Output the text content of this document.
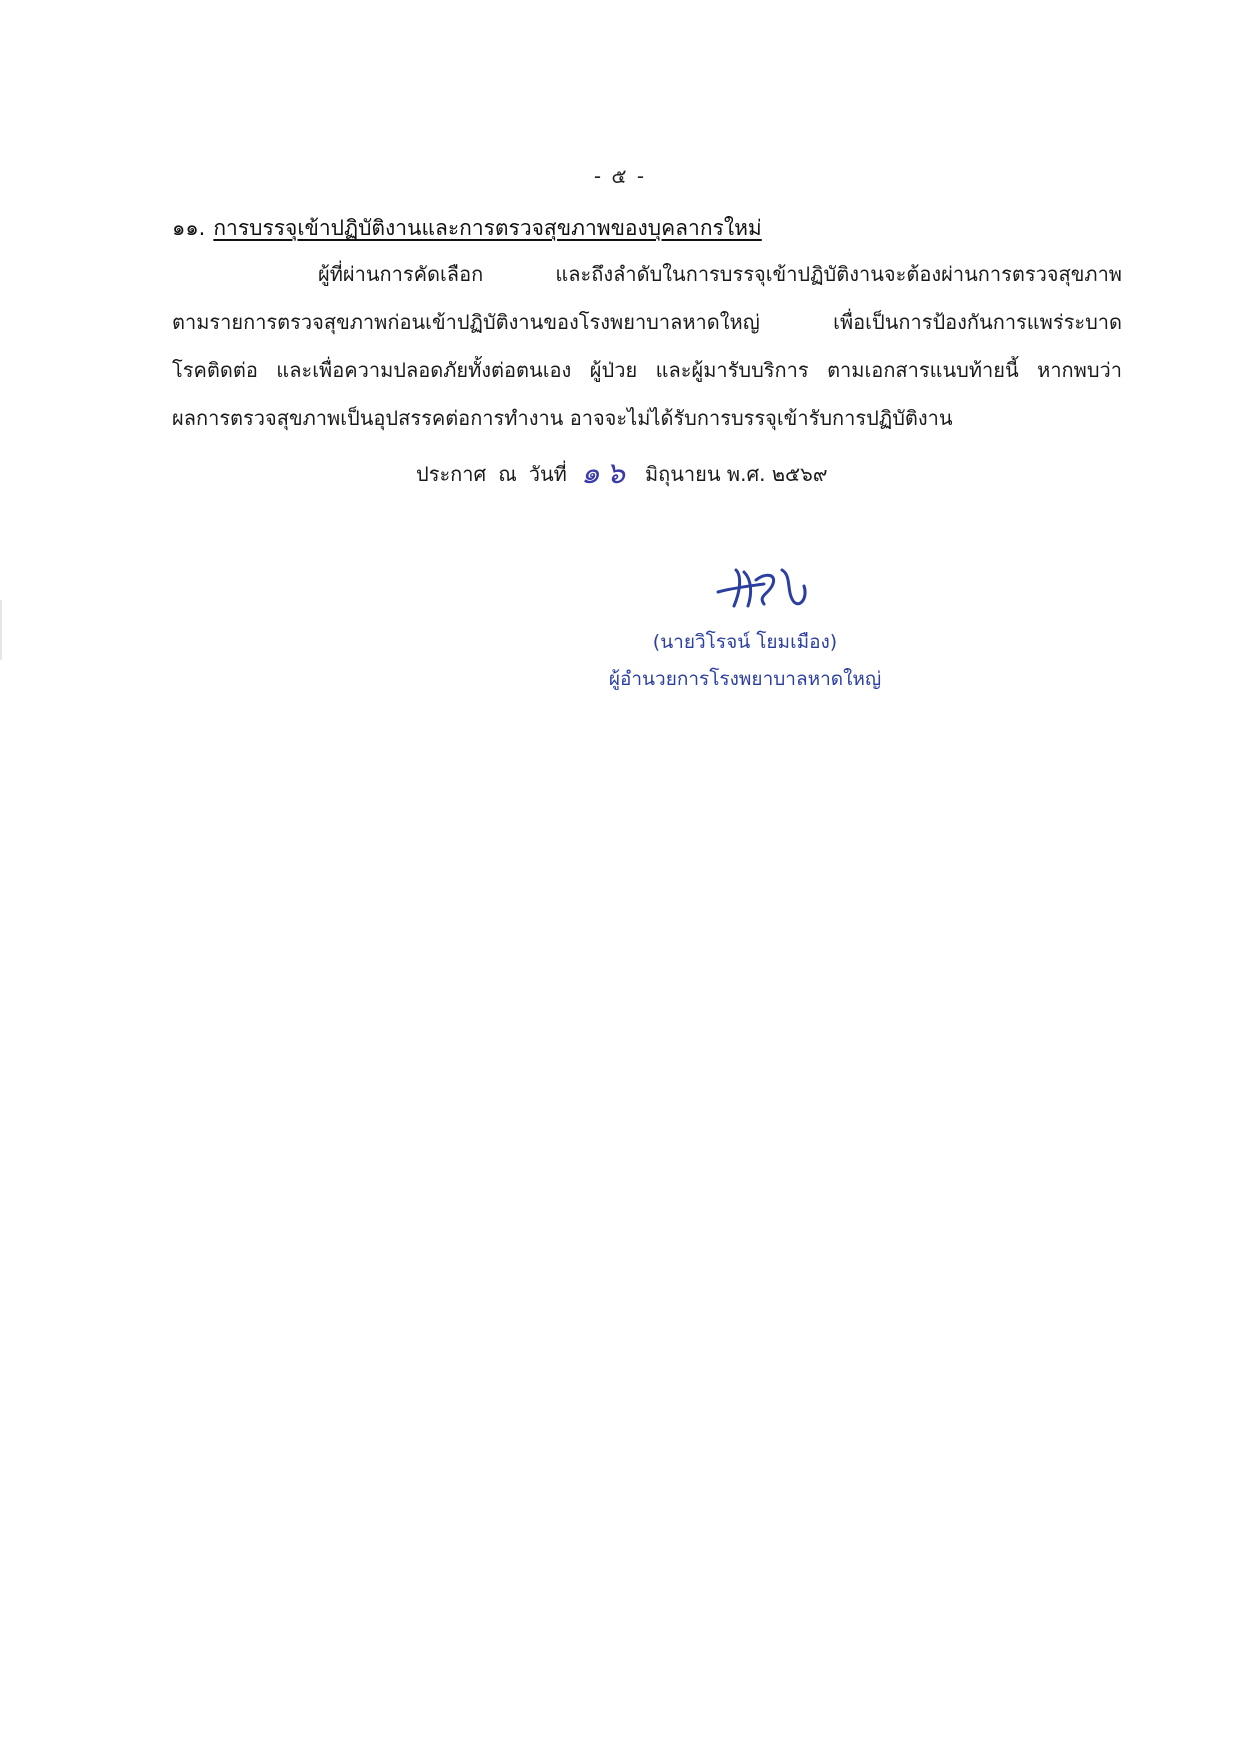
- ๕ -
๑๑. การบรรจุเข้าปฏิบัติงานและการตรวจสุขภาพของบุคลากรใหม่
ผู้ที่ผ่านการคัดเลือก และถึงลำดับในการบรรจุเข้าปฏิบัติงานจะต้องผ่านการตรวจสุขภาพ
ตามรายการตรวจสุขภาพก่อนเข้าปฏิบัติงานของโรงพยาบาลหาดใหญ่ เพื่อเป็นการป้องกันการแพร่ระบาด
โรคติดต่อ และเพื่อความปลอดภัยทั้งต่อตนเอง ผู้ป่วย และผู้มารับบริการ ตามเอกสารแนบท้ายนี้ หากพบว่า
ผลการตรวจสุขภาพเป็นอุปสรรคต่อการทำงาน อาจจะไม่ได้รับการบรรจุเข้ารับการปฏิบัติงาน
ประกาศ ณ วันที่ ๑๖ มิถุนายน พ.ศ. ๒๕๖๙
(นายวิโรจน์ โยมเมือง)
ผู้อำนวยการโรงพยาบาลหาดใหญ่
